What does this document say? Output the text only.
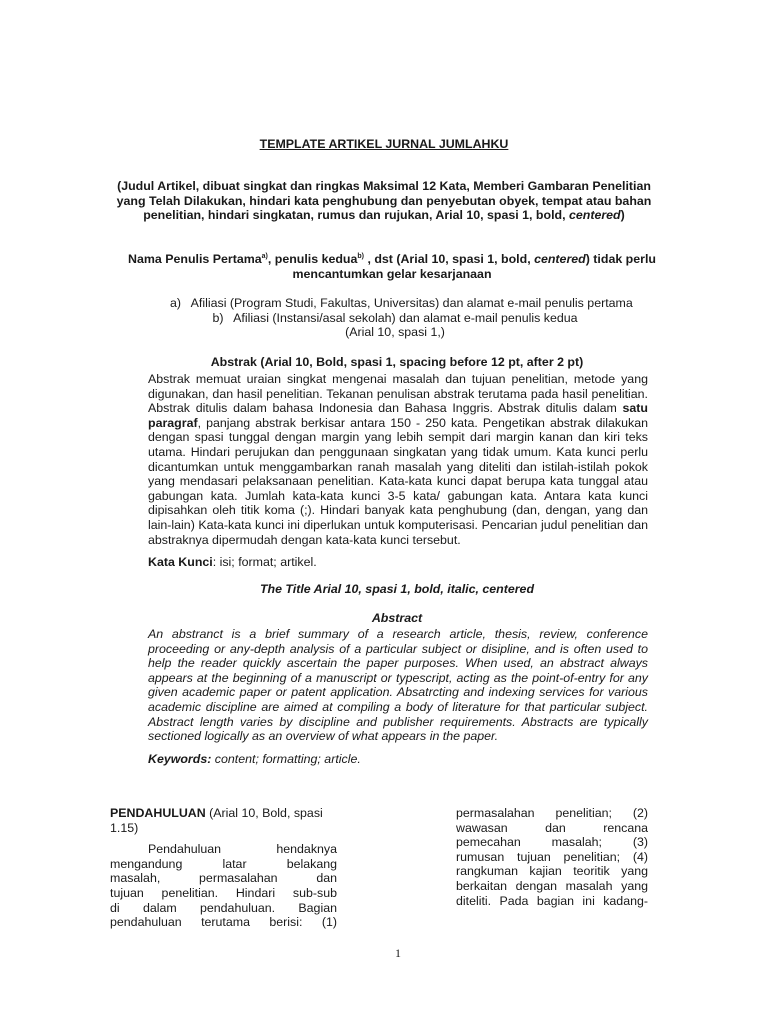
TEMPLATE ARTIKEL JURNAL JUMLAHKU
(Judul Artikel, dibuat singkat dan ringkas Maksimal 12 Kata, Memberi Gambaran Penelitian yang Telah Dilakukan, hindari kata penghubung dan penyebutan obyek, tempat atau bahan penelitian, hindari singkatan, rumus dan rujukan, Arial 10, spasi 1, bold, centered)
Nama Penulis Pertama$^{a)}$, penulis kedua$^{b)}$ , dst (Arial 10, spasi 1, bold, centered) tidak perlu mencantumkan gelar kesarjanaan
a)   Afiliasi (Program Studi, Fakultas, Universitas) dan alamat e-mail penulis pertama
b)   Afiliasi (Instansi/asal sekolah) dan alamat e-mail penulis kedua
(Arial 10, spasi 1,)
Abstrak (Arial 10, Bold, spasi 1, spacing before 12 pt, after 2 pt)
Abstrak memuat uraian singkat mengenai masalah dan tujuan penelitian, metode yang digunakan, dan hasil penelitian. Tekanan penulisan abstrak terutama pada hasil penelitian. Abstrak ditulis dalam bahasa Indonesia dan Bahasa Inggris. Abstrak ditulis dalam satu paragraf, panjang abstrak berkisar antara 150 - 250 kata. Pengetikan abstrak dilakukan dengan spasi tunggal dengan margin yang lebih sempit dari margin kanan dan kiri teks utama. Hindari perujukan dan penggunaan singkatan yang tidak umum. Kata kunci perlu dicantumkan untuk menggambarkan ranah masalah yang diteliti dan istilah-istilah pokok yang mendasari pelaksanaan penelitian. Kata-kata kunci dapat berupa kata tunggal atau gabungan kata. Jumlah kata-kata kunci 3-5 kata/ gabungan kata. Antara kata kunci dipisahkan oleh titik koma (;). Hindari banyak kata penghubung (dan, dengan, yang dan lain-lain) Kata-kata kunci ini diperlukan untuk komputerisasi. Pencarian judul penelitian dan abstraknya dipermudah dengan kata-kata kunci tersebut.
Kata Kunci: isi; format; artikel.
The Title Arial 10, spasi 1, bold, italic, centered
Abstract
An abstranct is a brief summary of a research article, thesis, review, conference proceeding or any-depth analysis of a particular subject or disipline, and is often used to help the reader quickly ascertain the paper purposes. When used, an abstract always appears at the beginning of a manuscript or typescript, acting as the point-of-entry for any given academic paper or patent application. Absatrcting and indexing services for various academic discipline are aimed at compiling a body of literature for that particular subject. Abstract length varies by discipline and publisher requirements. Abstracts are typically sectioned logically as an overview of what appears in the paper.
Keywords: content; formatting; article.
PENDAHULUAN (Arial 10, Bold, spasi 1.15)
Pendahuluan hendaknya
mengandung latar belakang
masalah, permasalahan dan
tujuan penelitian. Hindari sub-sub
di dalam pendahuluan. Bagian
pendahuluan terutama berisi: (1)
permasalahan penelitian; (2)
wawasan dan rencana
pemecahan masalah; (3)
rumusan tujuan penelitian; (4)
rangkuman kajian teoritik yang
berkaitan dengan masalah yang
diteliti. Pada bagian ini kadang-
1
